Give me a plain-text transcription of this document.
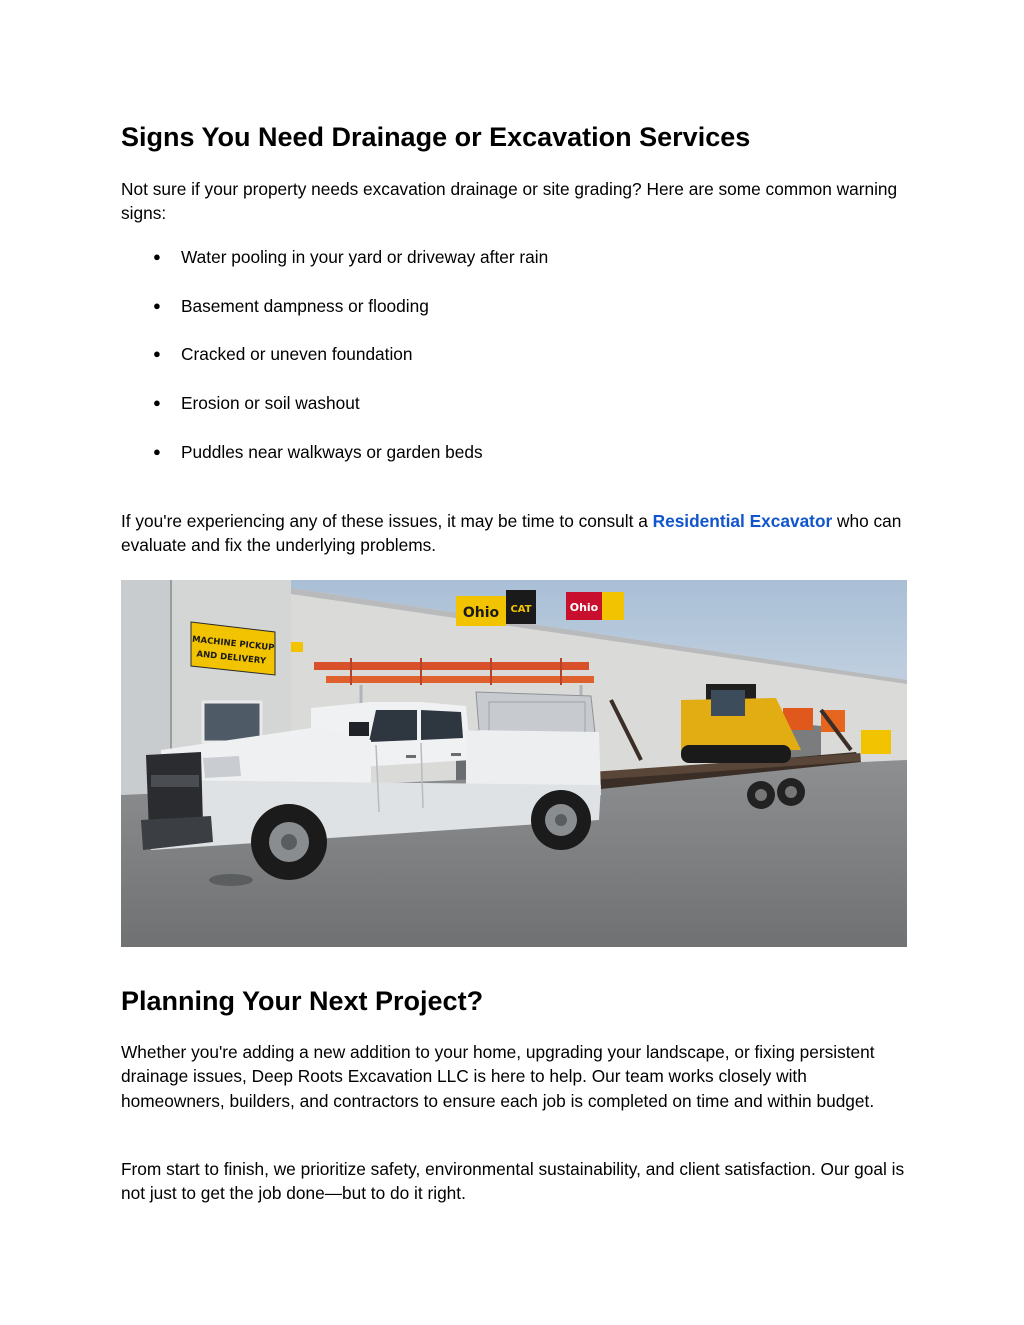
Signs You Need Drainage or Excavation Services

Not sure if your property needs excavation drainage or site grading? Here are some common warning signs:

● Water pooling in your yard or driveway after rain
● Basement dampness or flooding
● Cracked or uneven foundation
● Erosion or soil washout
● Puddles near walkways or garden beds

If you're experiencing any of these issues, it may be time to consult a Residential Excavator who can evaluate and fix the underlying problems.

Planning Your Next Project?

Whether you're adding a new addition to your home, upgrading your landscape, or fixing persistent drainage issues, Deep Roots Excavation LLC is here to help. Our team works closely with homeowners, builders, and contractors to ensure each job is completed on time and within budget.

From start to finish, we prioritize safety, environmental sustainability, and client satisfaction. Our goal is not just to get the job done—but to do it right.

MACHINE PICKUP
AND DELIVERY
Ohio CAT	Ohio
